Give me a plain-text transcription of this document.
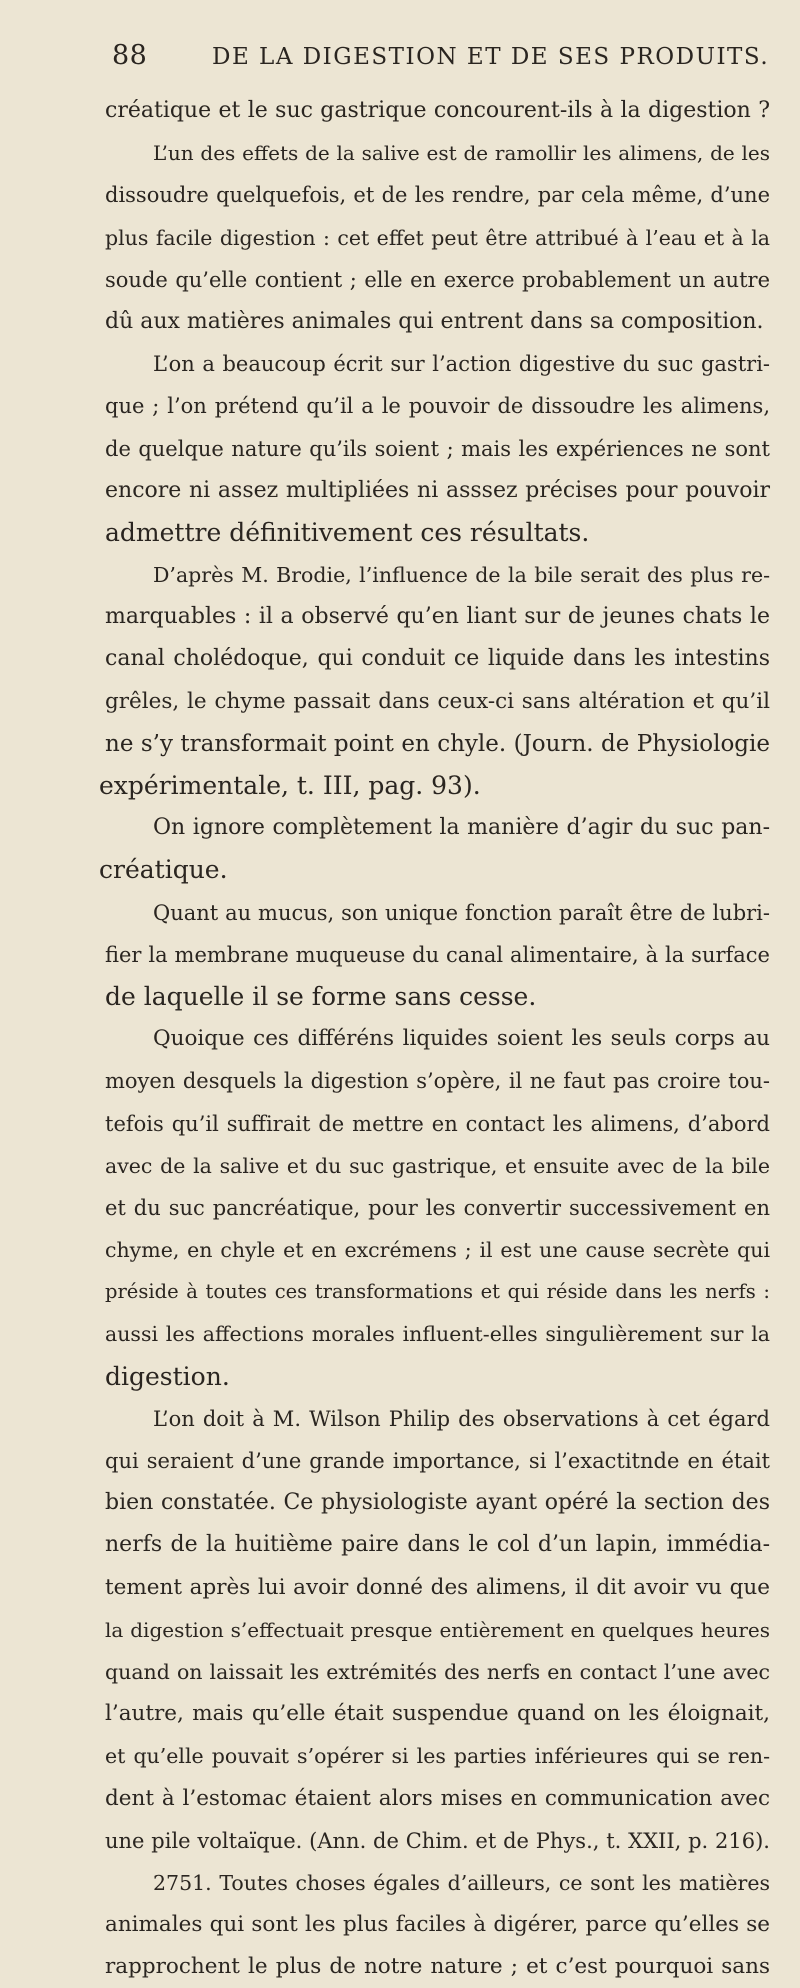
88	DE LA DIGESTION ET DE SES PRODUITS.
créatique et le suc gastrique concourent-ils à la digestion ?
L’un des effets de la salive est de ramollir les alimens, de les
dissoudre quelquefois, et de les rendre, par cela même, d’une
plus facile digestion : cet effet peut être attribué à l’eau et à la
soude qu’elle contient ; elle en exerce probablement un autre
dû aux matières animales qui entrent dans sa composition.
L’on a beaucoup écrit sur l’action digestive du suc gastri-
que ; l’on prétend qu’il a le pouvoir de dissoudre les alimens,
de quelque nature qu’ils soient ; mais les expériences ne sont
encore ni assez multipliées ni asssez précises pour pouvoir
admettre définitivement ces résultats.
D’après M. Brodie, l’influence de la bile serait des plus re-
marquables : il a observé qu’en liant sur de jeunes chats le
canal cholédoque, qui conduit ce liquide dans les intestins
grêles, le chyme passait dans ceux-ci sans altération et qu’il
ne s’y transformait point en chyle. (Journ. de Physiologie
expérimentale, t. III, pag. 93).
On ignore complètement la manière d’agir du suc pan-
créatique.
Quant au mucus, son unique fonction paraît être de lubri-
fier la membrane muqueuse du canal alimentaire, à la surface
de laquelle il se forme sans cesse.
Quoique ces différéns liquides soient les seuls corps au
moyen desquels la digestion s’opère, il ne faut pas croire tou-
tefois qu’il suffirait de mettre en contact les alimens, d’abord
avec de la salive et du suc gastrique, et ensuite avec de la bile
et du suc pancréatique, pour les convertir successivement en
chyme, en chyle et en excrémens ; il est une cause secrète qui
préside à toutes ces transformations et qui réside dans les nerfs :
aussi les affections morales influent-elles singulièrement sur la
digestion.
L’on doit à M. Wilson Philip des observations à cet égard
qui seraient d’une grande importance, si l’exactitnde en était
bien constatée. Ce physiologiste ayant opéré la section des
nerfs de la huitième paire dans le col d’un lapin, immédia-
tement après lui avoir donné des alimens, il dit avoir vu que
la digestion s’effectuait presque entièrement en quelques heures
quand on laissait les extrémités des nerfs en contact l’une avec
l’autre, mais qu’elle était suspendue quand on les éloignait,
et qu’elle pouvait s’opérer si les parties inférieures qui se ren-
dent à l’estomac étaient alors mises en communication avec
une pile voltaïque. (Ann. de Chim. et de Phys., t. XXII, p. 216).
2751. Toutes choses égales d’ailleurs, ce sont les matières
animales qui sont les plus faciles à digérer, parce qu’elles se
rapprochent le plus de notre nature ; et c’est pourquoi sans
